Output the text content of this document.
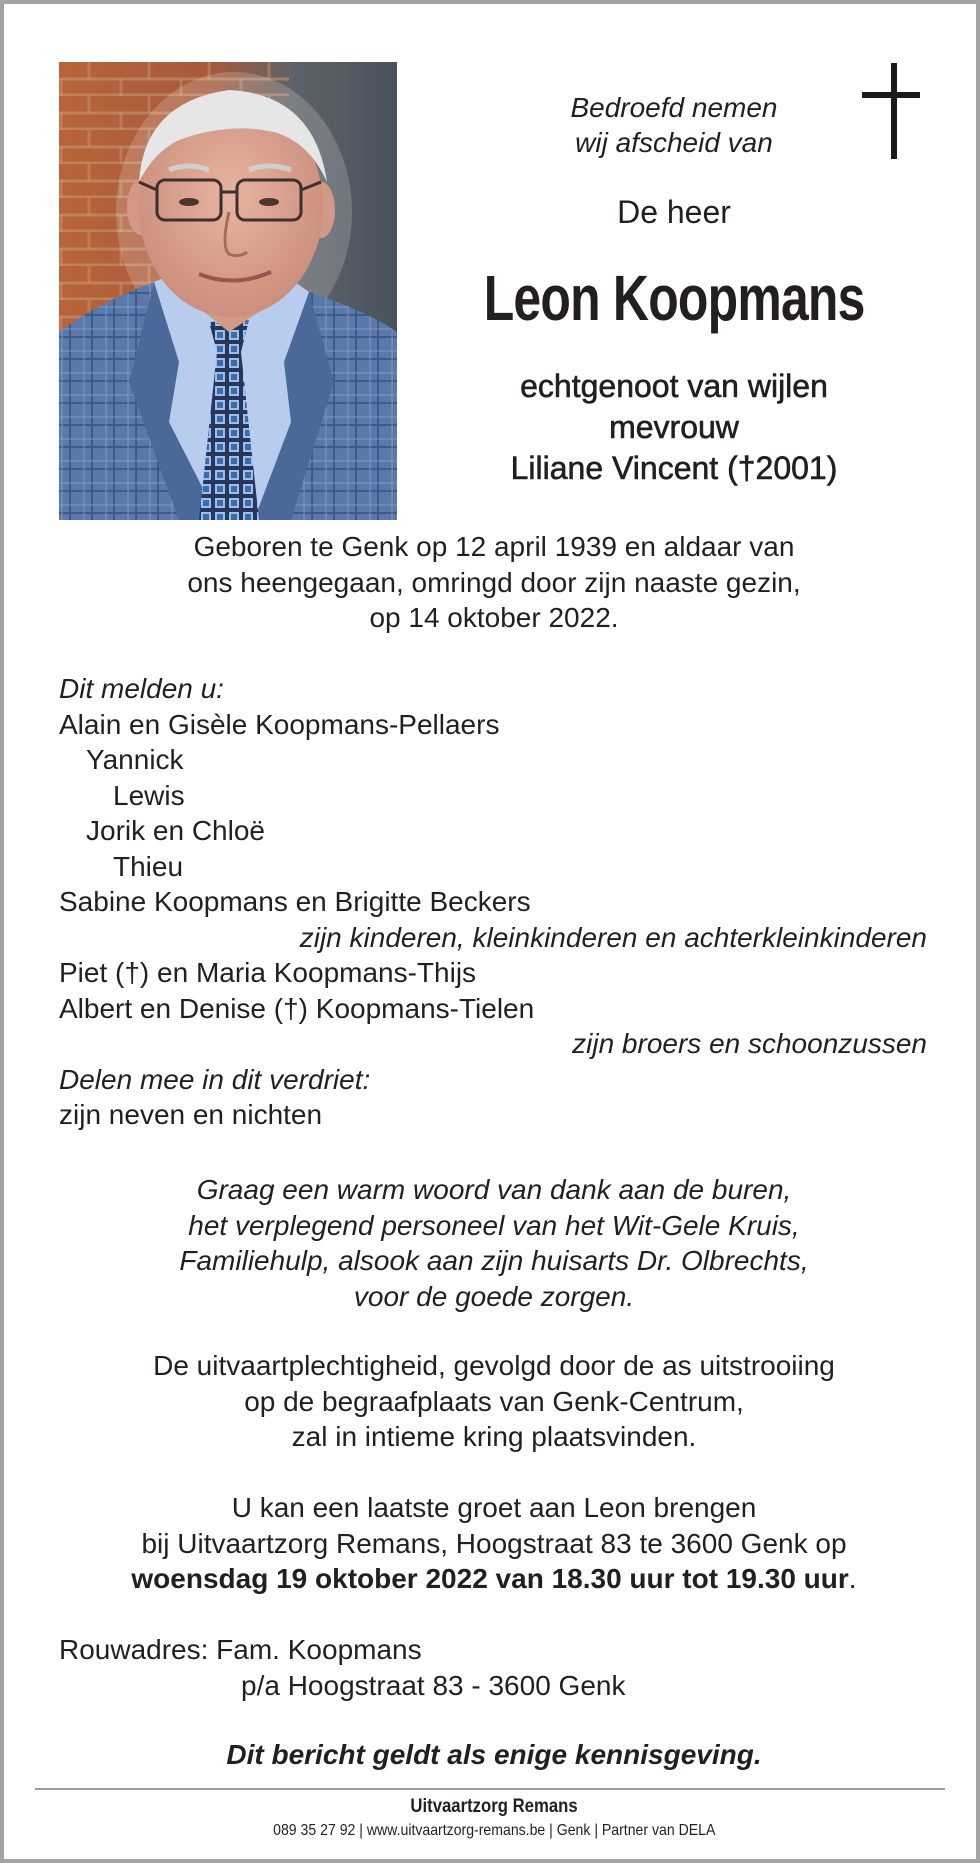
Bedroefd nemen
wij afscheid van
De heer
Leon Koopmans
echtgenoot van wijlen
mevrouw
Liliane Vincent (†2001)
Geboren te Genk op 12 april 1939 en aldaar van
ons heengegaan, omringd door zijn naaste gezin,
op 14 oktober 2022.
Dit melden u:
Alain en Gisèle Koopmans-Pellaers
Yannick
Lewis
Jorik en Chloë
Thieu
Sabine Koopmans en Brigitte Beckers
zijn kinderen, kleinkinderen en achterkleinkinderen
Piet (†) en Maria Koopmans-Thijs
Albert en Denise (†) Koopmans-Tielen
zijn broers en schoonzussen
Delen mee in dit verdriet:
zijn neven en nichten
Graag een warm woord van dank aan de buren,
het verplegend personeel van het Wit-Gele Kruis,
Familiehulp, alsook aan zijn huisarts Dr. Olbrechts,
voor de goede zorgen.
De uitvaartplechtigheid, gevolgd door de as uitstrooiing
op de begraafplaats van Genk-Centrum,
zal in intieme kring plaatsvinden.
U kan een laatste groet aan Leon brengen
bij Uitvaartzorg Remans, Hoogstraat 83 te 3600 Genk op
woensdag 19 oktober 2022 van 18.30 uur tot 19.30 uur.
Rouwadres: Fam. Koopmans
p/a Hoogstraat 83 - 3600 Genk
Dit bericht geldt als enige kennisgeving.
Uitvaartzorg Remans
089 35 27 92 | www.uitvaartzorg-remans.be | Genk | Partner van DELA
